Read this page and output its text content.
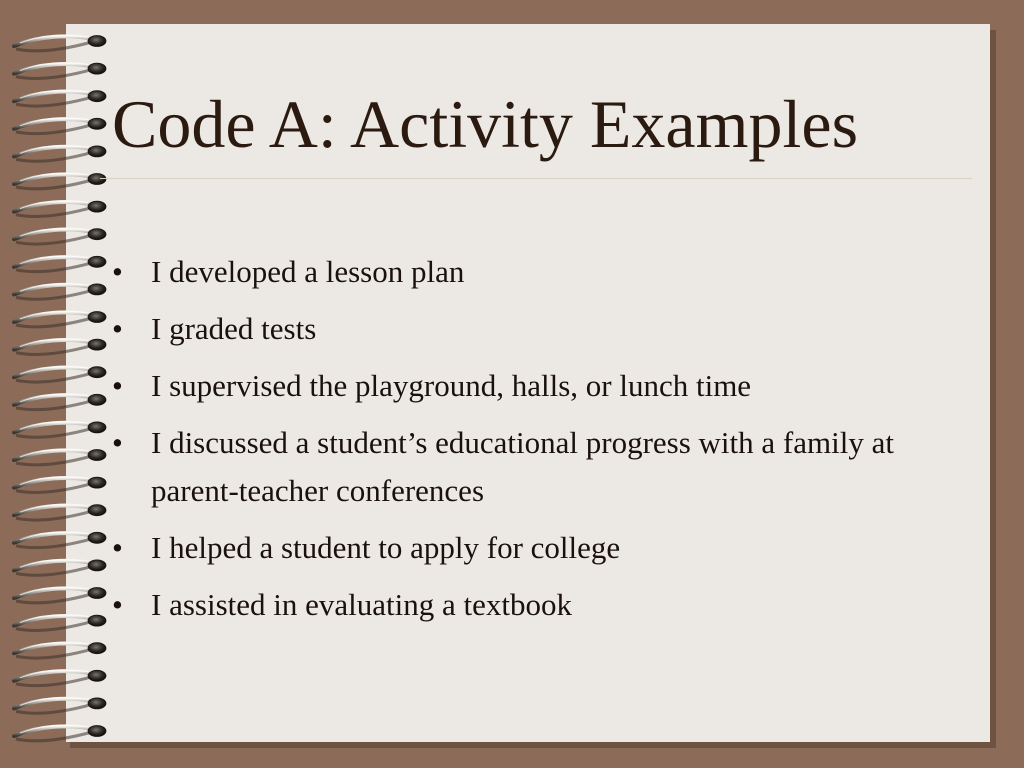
Code A: Activity Examples
• I developed a lesson plan
• I graded tests
• I supervised the playground, halls, or lunch time
• I discussed a student’s educational progress with a family at parent-teacher conferences
• I helped a student to apply for college
• I assisted in evaluating a textbook
